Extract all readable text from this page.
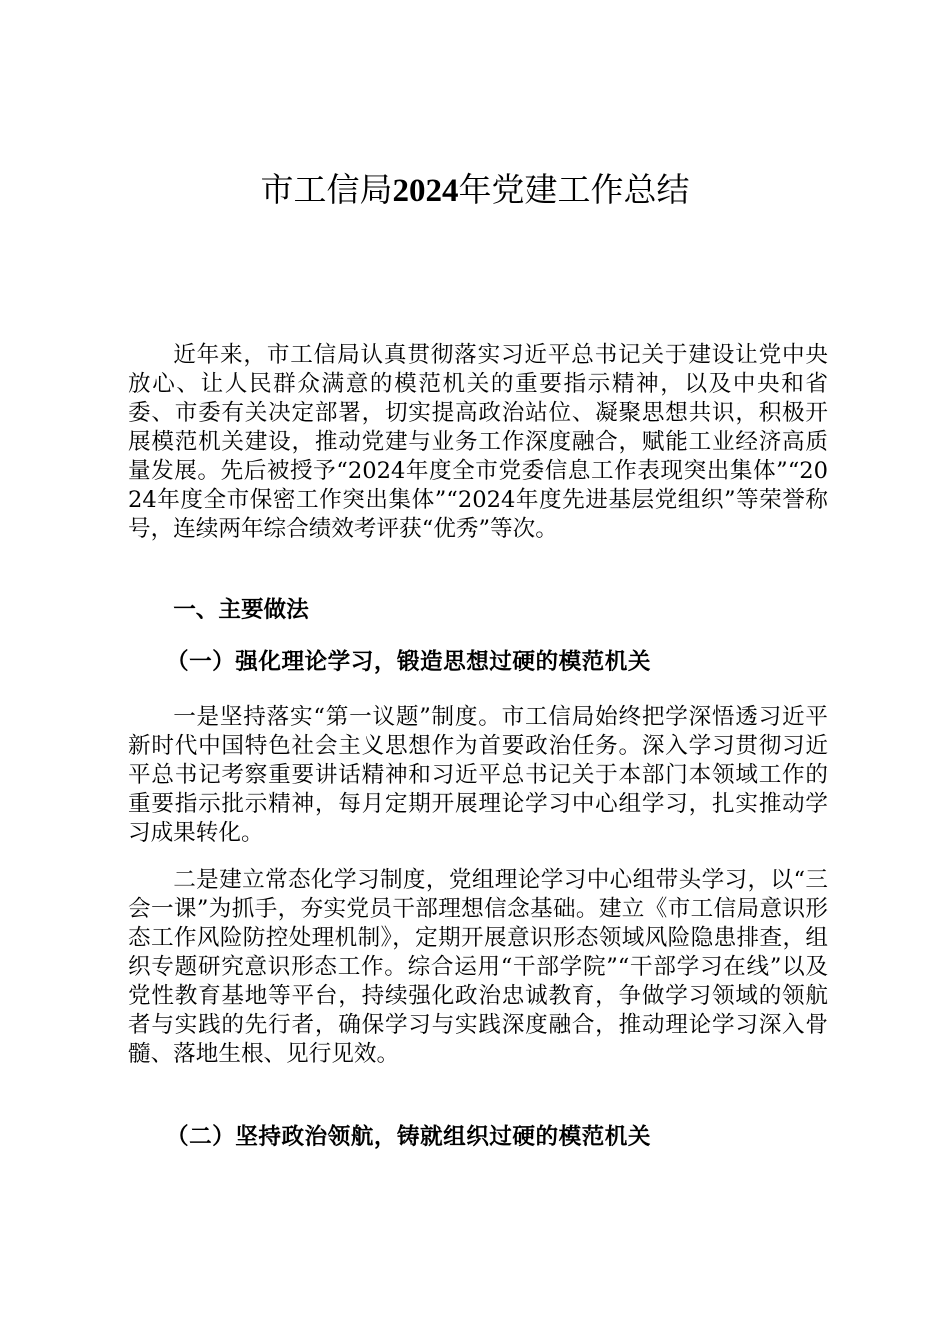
市工信局2024年党建工作总结

近年来，市工信局认真贯彻落实习近平总书记关于建设让党中央放心、让人民群众满意的模范机关的重要指示精神，以及中央和省委、市委有关决定部署，切实提高政治站位、凝聚思想共识，积极开展模范机关建设，推动党建与业务工作深度融合，赋能工业经济高质量发展。先后被授予“2024年度全市党委信息工作表现突出集体”“2024年度全市保密工作突出集体”“2024年度先进基层党组织”等荣誉称号，连续两年综合绩效考评获“优秀”等次。

一、主要做法

（一）强化理论学习，锻造思想过硬的模范机关

一是坚持落实“第一议题”制度。市工信局始终把学深悟透习近平新时代中国特色社会主义思想作为首要政治任务。深入学习贯彻习近平总书记考察重要讲话精神和习近平总书记关于本部门本领域工作的重要指示批示精神，每月定期开展理论学习中心组学习，扎实推动学习成果转化。

二是建立常态化学习制度，党组理论学习中心组带头学习，以“三会一课”为抓手，夯实党员干部理想信念基础。建立《市工信局意识形态工作风险防控处理机制》，定期开展意识形态领域风险隐患排查，组织专题研究意识形态工作。综合运用“干部学院”“干部学习在线”以及党性教育基地等平台，持续强化政治忠诚教育，争做学习领域的领航者与实践的先行者，确保学习与实践深度融合，推动理论学习深入骨髓、落地生根、见行见效。

（二）坚持政治领航，铸就组织过硬的模范机关
